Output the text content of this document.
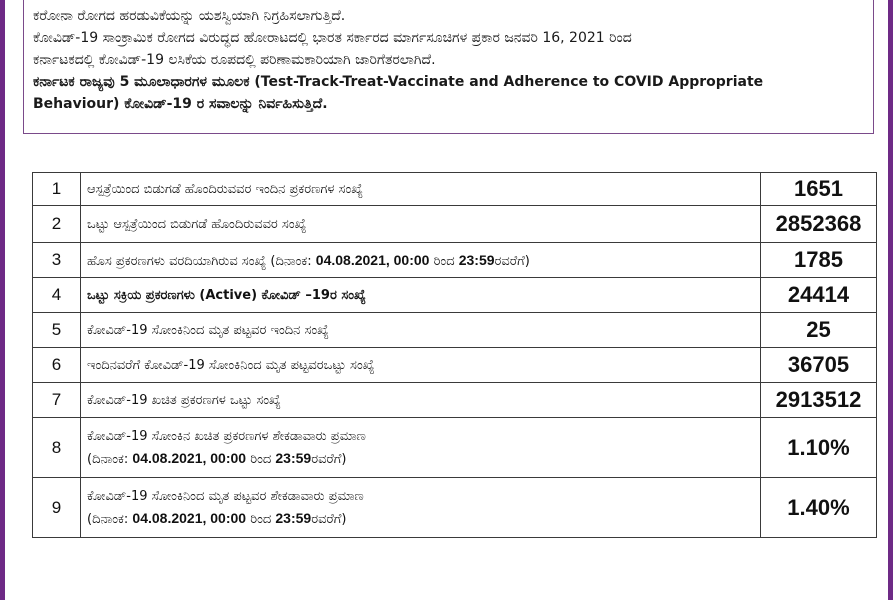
ಕರೋನಾ ರೋಗದ ಹರಡುವಿಕೆಯನ್ನು ಯಶಸ್ವಿಯಾಗಿ ನಿಗ್ರಹಿಸಲಾಗುತ್ತಿದೆ.

ಕೋವಿಡ್-19 ಸಾಂಕ್ರಾಮಿಕ ರೋಗದ ವಿರುದ್ಧದ ಹೋರಾಟದಲ್ಲಿ ಭಾರತ ಸರ್ಕಾರದ ಮಾರ್ಗಸೂಚಿಗಳ ಪ್ರಕಾರ ಜನವರಿ 16, 2021 ರಿಂದ

ಕರ್ನಾಟಕದಲ್ಲಿ ಕೋವಿಡ್-19 ಲಸಿಕೆಯ ರೂಪದಲ್ಲಿ ಪರಿಣಾಮಕಾರಿಯಾಗಿ ಜಾರಿಗೆತರಲಾಗಿದೆ.

ಕರ್ನಾಟಕ ರಾಜ್ಯವು 5 ಮೂಲಾಧಾರಗಳ ಮೂಲಕ (Test-Track-Treat-Vaccinate and Adherence to COVID Appropriate

Behaviour) ಕೋವಿಡ್-19 ರ ಸವಾಲನ್ನು ನಿರ್ವಹಿಸುತ್ತಿದೆ.

1	ಆಸ್ಪತ್ರೆಯಿಂದ ಬಿಡುಗಡೆ ಹೊಂದಿರುವವರ ಇಂದಿನ ಪ್ರಕರಣಗಳ ಸಂಖ್ಯೆ	1651
2	ಒಟ್ಟು ಆಸ್ಪತ್ರೆಯಿಂದ ಬಿಡುಗಡೆ ಹೊಂದಿರುವವರ ಸಂಖ್ಯೆ	2852368
3	ಹೊಸ ಪ್ರಕರಣಗಳು ವರದಿಯಾಗಿರುವ ಸಂಖ್ಯೆ (ದಿನಾಂಕ: 04.08.2021, 00:00 ರಿಂದ 23:59ರವರೆಗೆ)	1785
4	ಒಟ್ಟು ಸಕ್ರಿಯ ಪ್ರಕರಣಗಳು (Active) ಕೋವಿಡ್ –19ರ ಸಂಖ್ಯೆ	24414
5	ಕೋವಿಡ್-19 ಸೋಂಕಿನಿಂದ ಮೃತ ಪಟ್ಟವರ ಇಂದಿನ ಸಂಖ್ಯೆ	25
6	ಇಂದಿನವರೆಗೆ ಕೋವಿಡ್-19 ಸೋಂಕಿನಿಂದ ಮೃತ ಪಟ್ಟವರಒಟ್ಟು ಸಂಖ್ಯೆ	36705
7	ಕೋವಿಡ್-19 ಖಚಿತ ಪ್ರಕರಣಗಳ ಒಟ್ಟು ಸಂಖ್ಯೆ	2913512
8	ಕೋವಿಡ್-19 ಸೋಂಕಿನ ಖಚಿತ ಪ್ರಕರಣಗಳ ಶೇಕಡಾವಾರು ಪ್ರಮಾಣ
(ದಿನಾಂಕ: 04.08.2021, 00:00 ರಿಂದ 23:59ರವರೆಗೆ)	1.10%
9	ಕೋವಿಡ್-19 ಸೋಂಕಿನಿಂದ ಮೃತ ಪಟ್ಟವರ ಶೇಕಡಾವಾರು ಪ್ರಮಾಣ
(ದಿನಾಂಕ: 04.08.2021, 00:00 ರಿಂದ 23:59ರವರೆಗೆ)	1.40%
